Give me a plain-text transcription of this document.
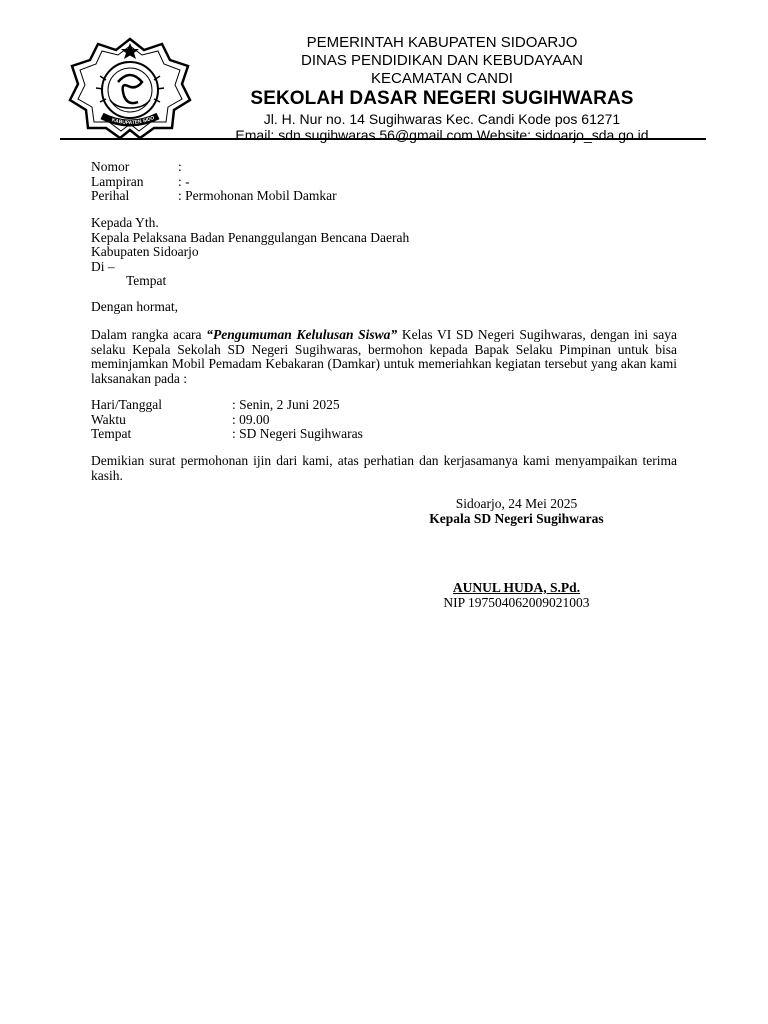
KABUPATEN SIDO
PEMERINTAH KABUPATEN SIDOARJO
DINAS PENDIDIKAN DAN KEBUDAYAAN
KECAMATAN CANDI
SEKOLAH DASAR NEGERI SUGIHWARAS
Jl. H. Nur no. 14 Sugihwaras Kec. Candi Kode pos 61271
Email: sdn.sugihwaras.56@gmail.com Website: sidoarjo_sda.go.id
Nomor	:
Lampiran	: -
Perihal	: Permohonan Mobil Damkar
Kepada Yth.
Kepala Pelaksana Badan Penanggulangan Bencana Daerah
Kabupaten Sidoarjo
Di –
Tempat
Dengan hormat,
Dalam rangka acara “Pengumuman Kelulusan Siswa” Kelas VI SD Negeri Sugihwaras, dengan ini saya selaku Kepala Sekolah SD Negeri Sugihwaras, bermohon kepada Bapak Selaku Pimpinan untuk bisa meminjamkan Mobil Pemadam Kebakaran (Damkar) untuk memeriahkan kegiatan tersebut yang akan kami laksanakan pada :
Hari/Tanggal	: Senin, 2 Juni 2025
Waktu	: 09.00
Tempat	: SD Negeri Sugihwaras
Demikian surat permohonan ijin dari kami, atas perhatian dan kerjasamanya kami menyampaikan terima kasih.
Sidoarjo, 24 Mei 2025
Kepala SD Negeri Sugihwaras
AUNUL HUDA, S.Pd.
NIP 197504062009021003
